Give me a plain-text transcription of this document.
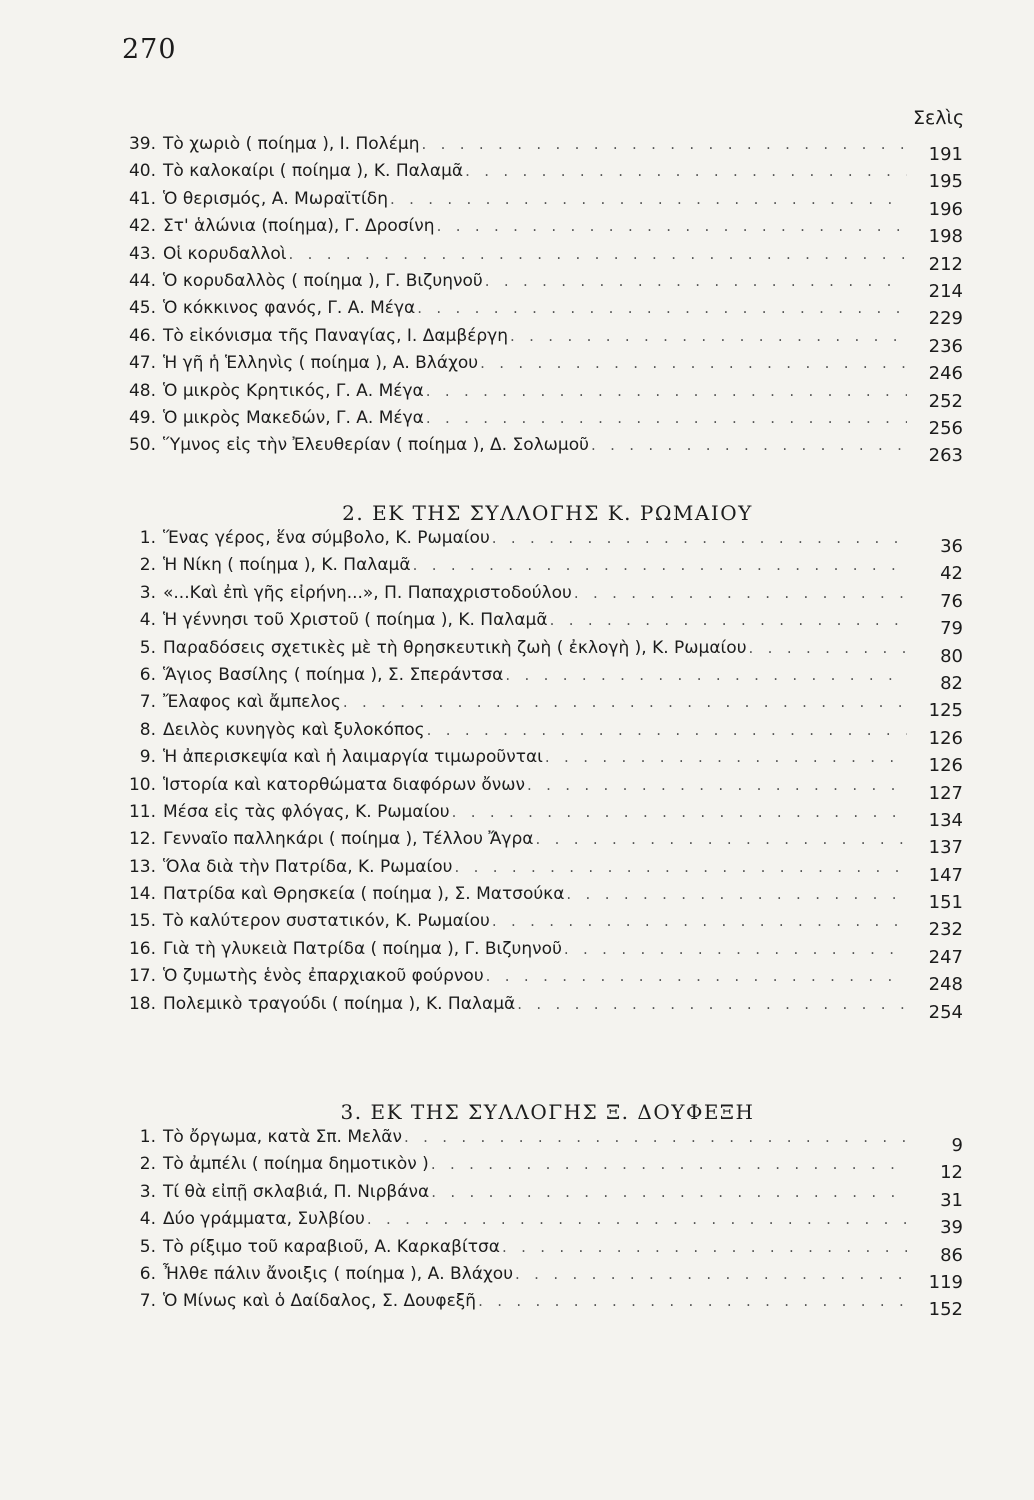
270
Σελὶς
39. Τὸ χωριὸ ( ποίημα ), Ι. Πολέμη . . .	191
40. Τὸ καλοκαίρι ( ποίημα ), Κ. Παλαμᾶ . . .	195
41. Ὁ θερισμός, Α. Μωραϊτίδη . . .	196
42. Στ' ἁλώνια (ποίημα), Γ. Δροσίνη . . .	198
43. Οἱ κορυδαλλοὶ . . .	212
44. Ὁ κορυδαλλὸς ( ποίημα ), Γ. Βιζυηνοῦ . . .	214
45. Ὁ κόκκινος φανός, Γ. Α. Μέγα . . .	229
46. Τὸ εἰκόνισμα τῆς Παναγίας, Ι. Δαμβέργη . . .	236
47. Ἡ γῆ ἡ Ἑλληνὶς ( ποίημα ), Α. Βλάχου . . .	246
48. Ὁ μικρὸς Κρητικός, Γ. Α. Μέγα . . .	252
49. Ὁ μικρὸς Μακεδών, Γ. Α. Μέγα . . .	256
50. Ὕμνος εἰς τὴν Ἐλευθερίαν ( ποίημα ), Δ. Σολωμοῦ . . .	263
2. ΕΚ ΤΗΣ ΣΥΛΛΟΓΗΣ Κ. ΡΩΜΑΙΟΥ
1. Ἕνας γέρος, ἕνα σύμβολο, Κ. Ρωμαίου . . .	36
2. Ἡ Νίκη ( ποίημα ), Κ. Παλαμᾶ . . .	42
3. «...Καὶ ἐπὶ γῆς εἰρήνη...», Π. Παπαχριστοδούλου . . .	76
4. Ἡ γέννησι τοῦ Χριστοῦ ( ποίημα ), Κ. Παλαμᾶ . . .	79
5. Παραδόσεις σχετικὲς μὲ τὴ θρησκευτικὴ ζωὴ ( ἐκλογὴ ), Κ. Ρωμαίου . . .	80
6. Ἅγιος Βασίλης ( ποίημα ), Σ. Σπεράντσα . . .	82
7. Ἔλαφος καὶ ἄμπελος . . .	125
8. Δειλὸς κυνηγὸς καὶ ξυλοκόπος . . .	126
9. Ἡ ἀπερισκεψία καὶ ἡ λαιμαργία τιμωροῦνται . . .	126
10. Ἱστορία καὶ κατορθώματα διαφόρων ὄνων . . .	127
11. Μέσα εἰς τὰς φλόγας, Κ. Ρωμαίου . . .	134
12. Γενναῖο παλληκάρι ( ποίημα ), Τέλλου Ἄγρα . . .	137
13. Ὅλα διὰ τὴν Πατρίδα, Κ. Ρωμαίου . . .	147
14. Πατρίδα καὶ Θρησκεία ( ποίημα ), Σ. Ματσούκα . . .	151
15. Τὸ καλύτερον συστατικόν, Κ. Ρωμαίου . . .	232
16. Γιὰ τὴ γλυκειὰ Πατρίδα ( ποίημα ), Γ. Βιζυηνοῦ . . .	247
17. Ὁ ζυμωτὴς ἑνὸς ἐπαρχιακοῦ φούρνου . . .	248
18. Πολεμικὸ τραγούδι ( ποίημα ), Κ. Παλαμᾶ . . .	254
3. ΕΚ ΤΗΣ ΣΥΛΛΟΓΗΣ Ξ. ΔΟΥΦΕΞΗ
1. Τὸ ὄργωμα, κατὰ Σπ. Μελᾶν . . .	9
2. Τὸ ἀμπέλι ( ποίημα δημοτικὸν ) . . .	12
3. Τί θὰ εἰπῇ σκλαβιά, Π. Νιρβάνα . . .	31
4. Δύο γράμματα, Συλβίου . . .	39
5. Τὸ ρίξιμο τοῦ καραβιοῦ, Α. Καρκαβίτσα . . .	86
6. Ἦλθε πάλιν ἄνοιξις ( ποίημα ), Α. Βλάχου . . .	119
7. Ὁ Μίνως καὶ ὁ Δαίδαλος, Σ. Δουφεξῆ . . .	152
